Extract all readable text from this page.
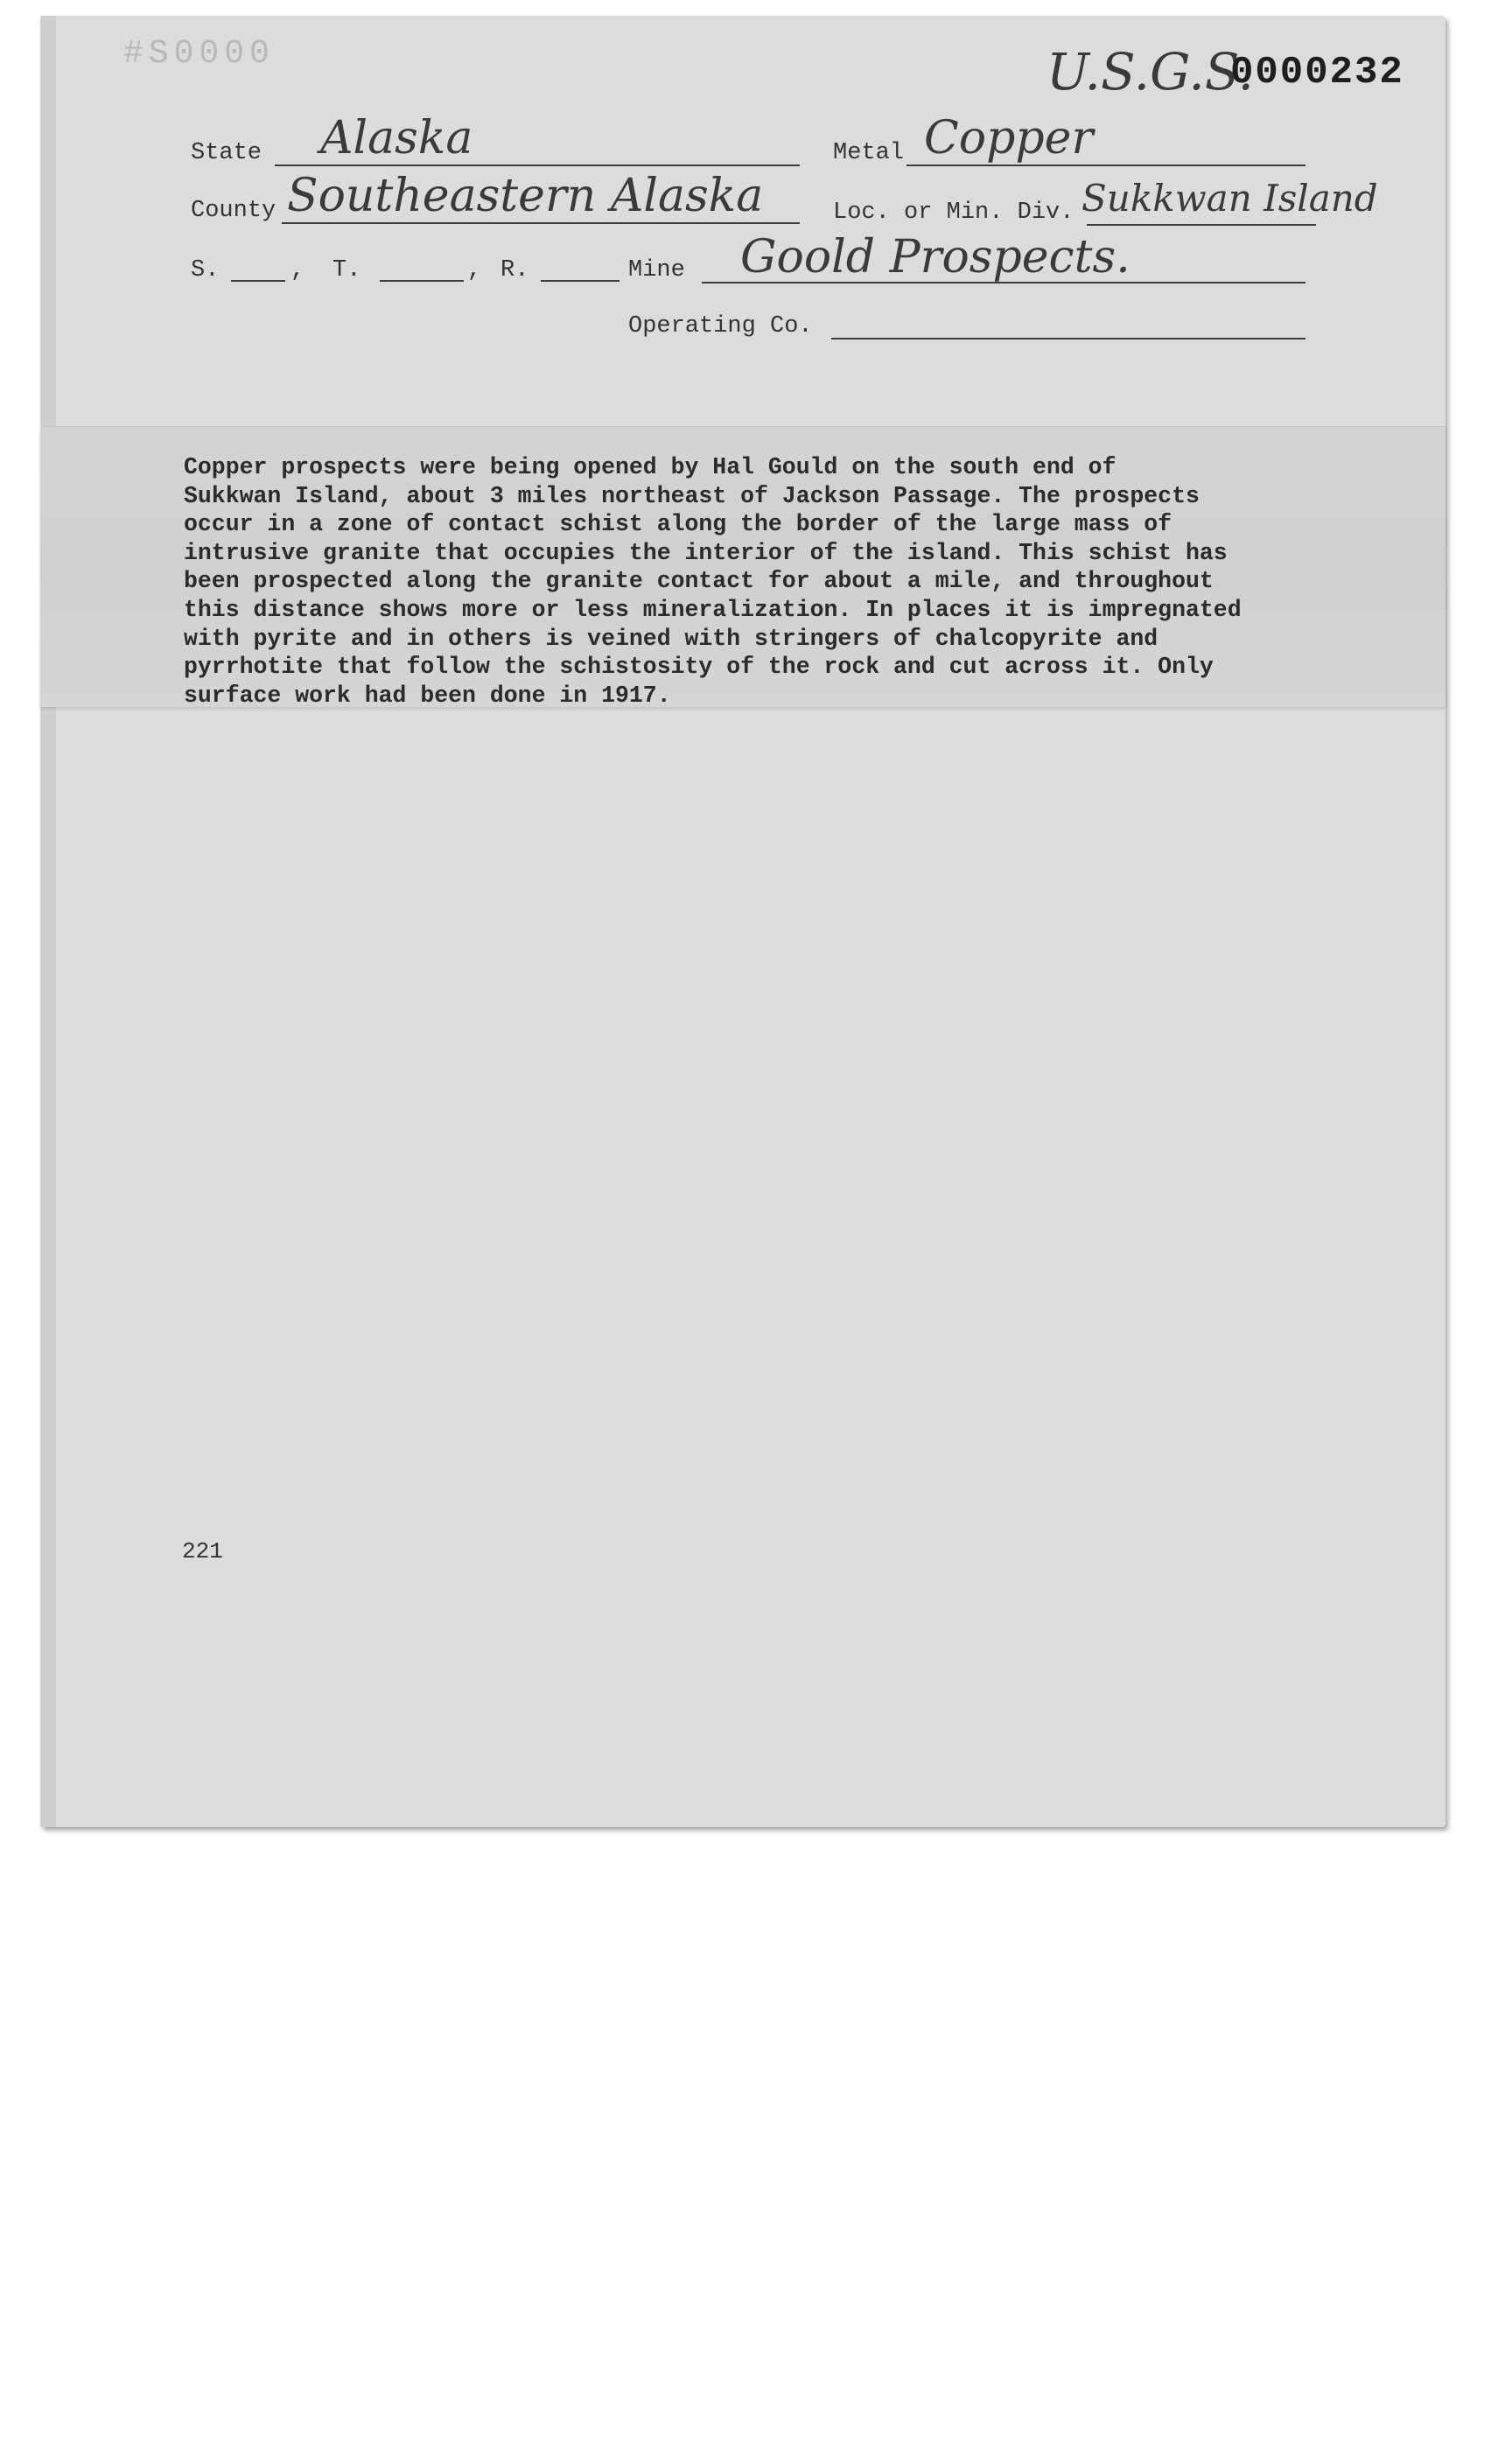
#S0000	U.S.G.S.
0000232
State Alaska	Metal Copper
County Southeastern Alaska	Loc. or Min. Div. Sukkwan Island
S.	, T.	, R.	Mine Goold Prospects.
Operating Co.
Copper prospects were being opened by Hal Gould on the south end of
Sukkwan Island, about 3 miles northeast of Jackson Passage. The prospects
occur in a zone of contact schist along the border of the large mass of
intrusive granite that occupies the interior of the island. This schist has
been prospected along the granite contact for about a mile, and throughout
this distance shows more or less mineralization. In places it is impregnated
with pyrite and in others is veined with stringers of chalcopyrite and
pyrrhotite that follow the schistosity of the rock and cut across it. Only
surface work had been done in 1917.
221
